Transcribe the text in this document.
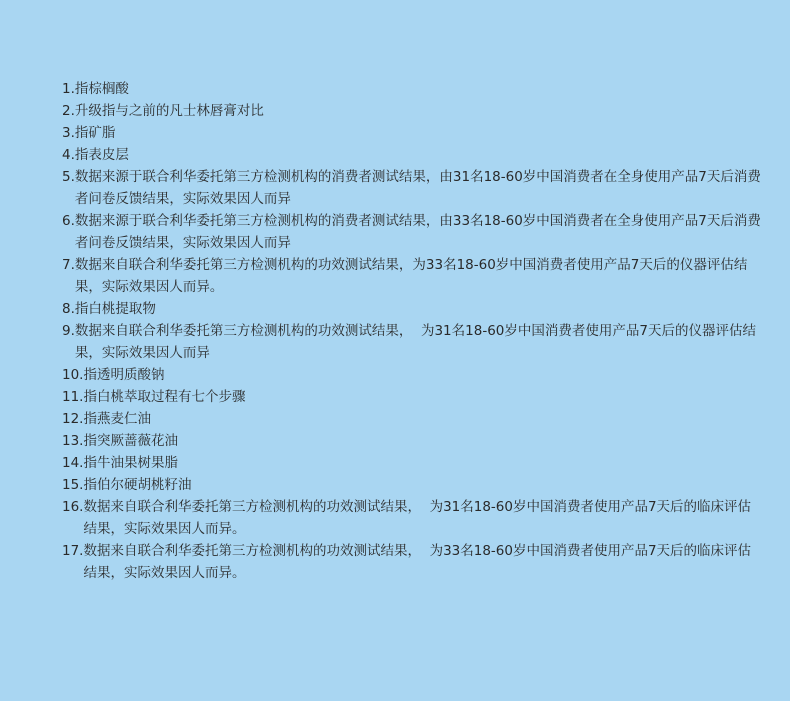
1. 指棕榈酸
2. 升级指与之前的凡士林唇膏对比
3. 指矿脂
4. 指表皮层
5. 数据来源于联合利华委托第三方检测机构的消费者测试结果，由31名18-60岁中国消费者在全身使用产品7天后消费者问卷反馈结果，实际效果因人而异
6. 数据来源于联合利华委托第三方检测机构的消费者测试结果，由33名18-60岁中国消费者在全身使用产品7天后消费者问卷反馈结果，实际效果因人而异
7. 数据来自联合利华委托第三方检测机构的功效测试结果，为33名18-60岁中国消费者使用产品7天后的仪器评估结果，实际效果因人而异。
8. 指白桃提取物
9. 数据来自联合利华委托第三方检测机构的功效测试结果，  为31名18-60岁中国消费者使用产品7天后的仪器评估结果，实际效果因人而异
10. 指透明质酸钠
11. 指白桃萃取过程有七个步骤
12. 指燕麦仁油
13. 指突厥蔷薇花油
14. 指牛油果树果脂
15. 指伯尔硬胡桃籽油
16. 数据来自联合利华委托第三方检测机构的功效测试结果，  为31名18-60岁中国消费者使用产品7天后的临床评估结果，实际效果因人而异。
17. 数据来自联合利华委托第三方检测机构的功效测试结果，  为33名18-60岁中国消费者使用产品7天后的临床评估结果，实际效果因人而异。
